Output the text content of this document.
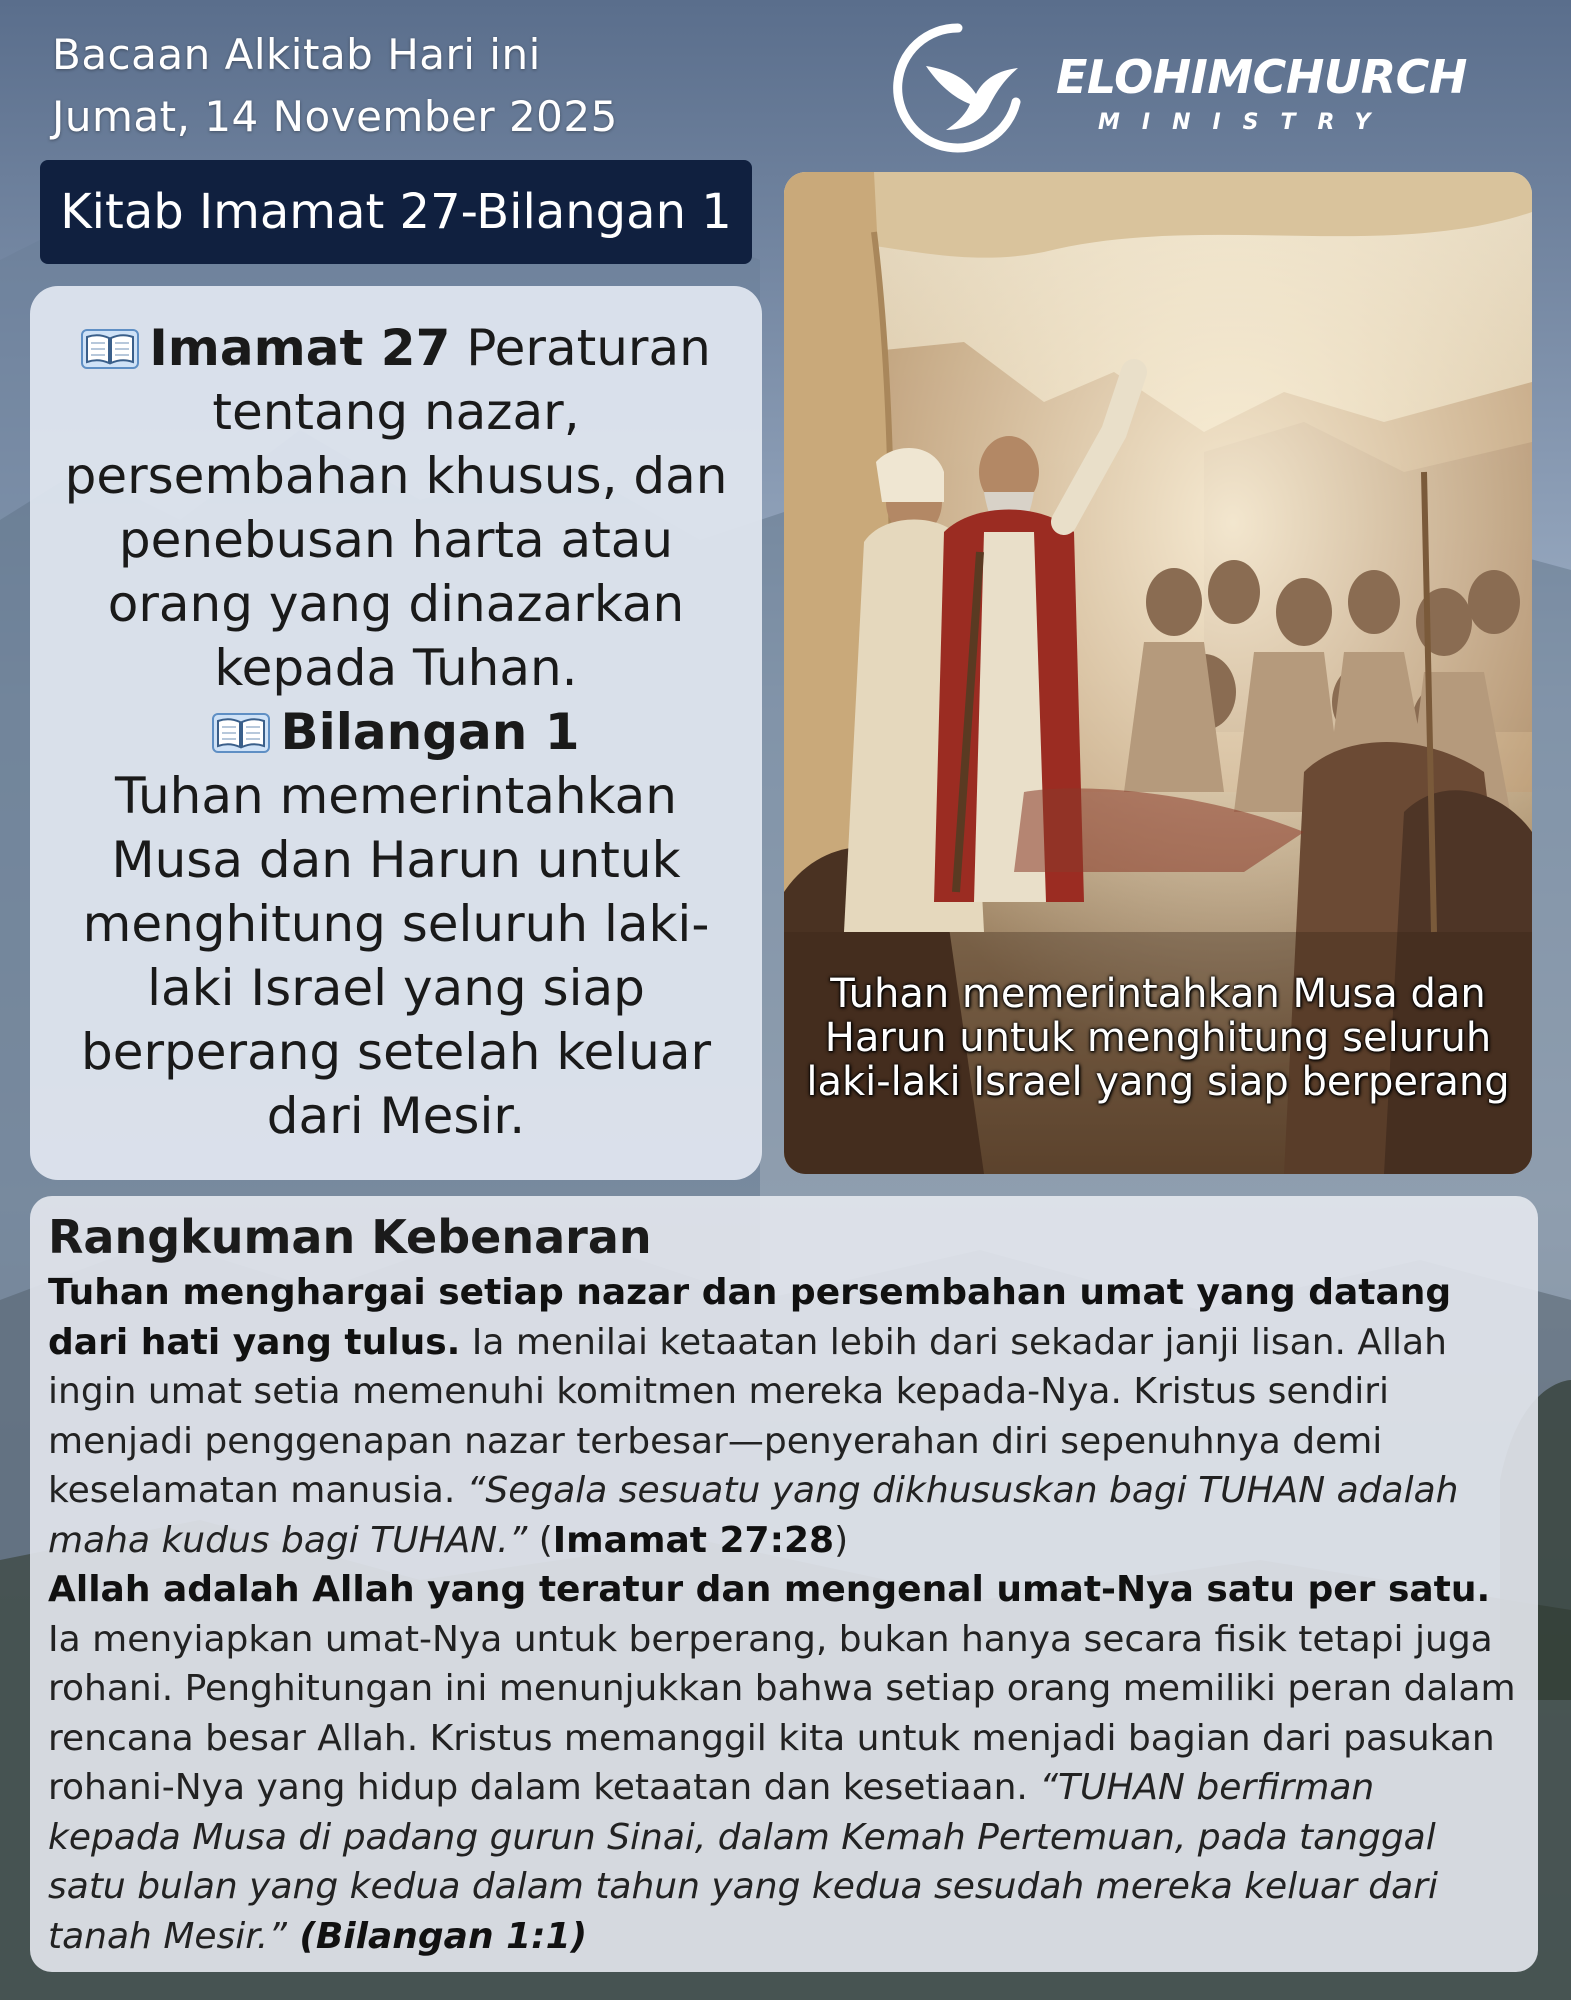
Bacaan Alkitab Hari ini
Jumat, 14 November 2025
ELOHIMCHURCH
MINISTRY
Kitab Imamat 27-Bilangan 1
Imamat 27 Peraturan tentang nazar, persembahan khusus, dan penebusan harta atau orang yang dinazarkan kepada Tuhan.
Bilangan 1
Tuhan memerintahkan Musa dan Harun untuk menghitung seluruh laki-laki Israel yang siap berperang setelah keluar dari Mesir.
Tuhan memerintahkan Musa dan Harun untuk menghitung seluruh laki-laki Israel yang siap berperang
Rangkuman Kebenaran

Tuhan menghargai setiap nazar dan persembahan umat yang datang dari hati yang tulus. Ia menilai ketaatan lebih dari sekadar janji lisan. Allah ingin umat setia memenuhi komitmen mereka kepada-Nya. Kristus sendiri menjadi penggenapan nazar terbesar—penyerahan diri sepenuhnya demi keselamatan manusia. “Segala sesuatu yang dikhususkan bagi TUHAN adalah maha kudus bagi TUHAN.” (Imamat 27:28)

Allah adalah Allah yang teratur dan mengenal umat-Nya satu per satu. Ia menyiapkan umat-Nya untuk berperang, bukan hanya secara fisik tetapi juga rohani. Penghitungan ini menunjukkan bahwa setiap orang memiliki peran dalam rencana besar Allah. Kristus memanggil kita untuk menjadi bagian dari pasukan rohani-Nya yang hidup dalam ketaatan dan kesetiaan. “TUHAN berfirman kepada Musa di padang gurun Sinai, dalam Kemah Pertemuan, pada tanggal satu bulan yang kedua dalam tahun yang kedua sesudah mereka keluar dari tanah Mesir.” (Bilangan 1:1)
